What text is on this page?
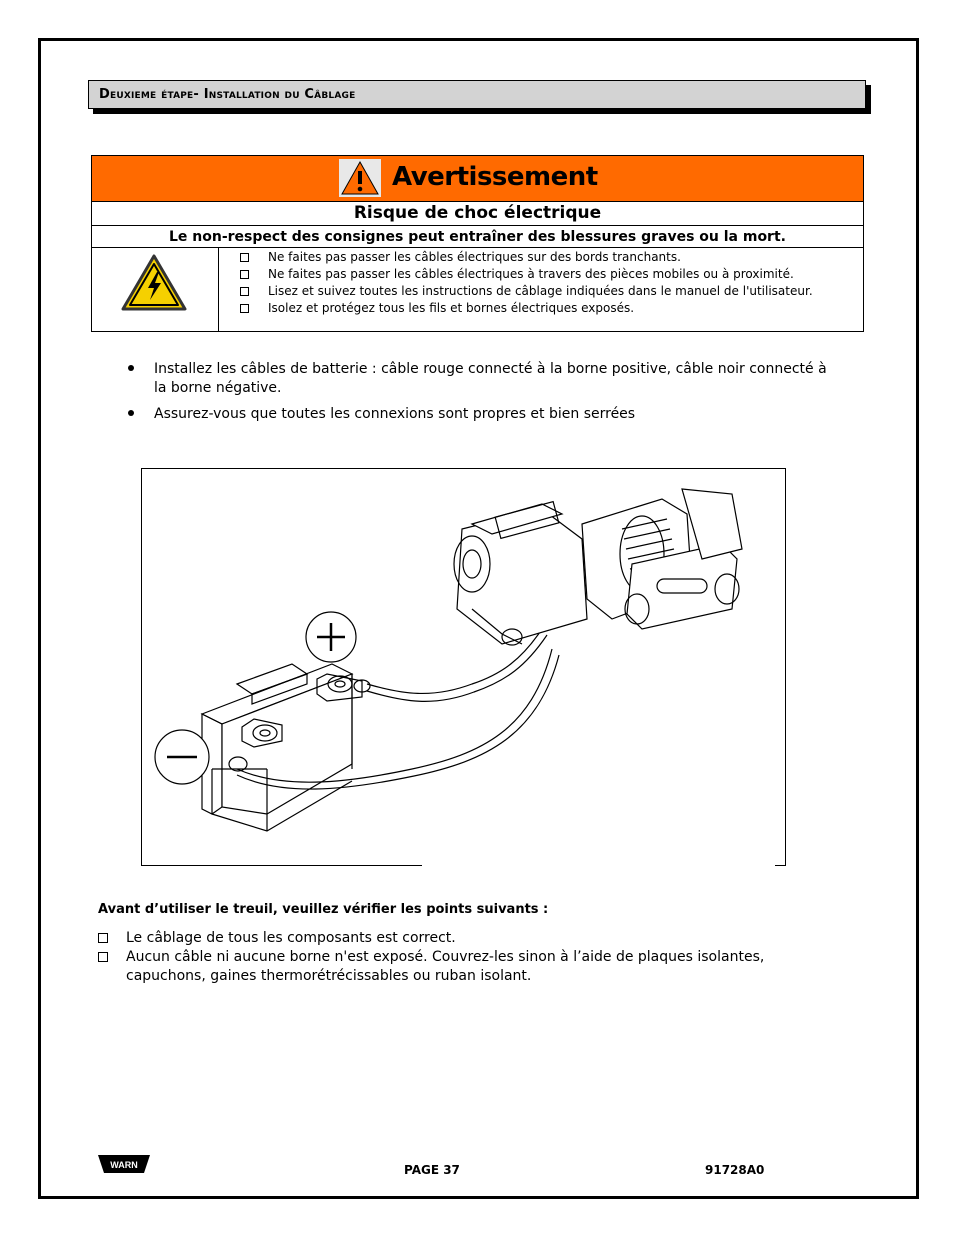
Deuxieme étape- Installation du Câblage
Avertissement
Risque de choc électrique
Le non-respect des consignes peut entraîner des blessures graves ou la mort.
Ne faites pas passer les câbles électriques sur des bords tranchants.
Ne faites pas passer les câbles électriques à travers des pièces mobiles ou à proximité.
Lisez et suivez toutes les instructions de câblage indiquées dans le manuel de l'utilisateur.
Isolez et protégez tous les fils et bornes électriques exposés.
Installez les câbles de batterie : câble rouge connecté à la borne positive, câble noir connecté à la borne négative.
Assurez-vous que toutes les connexions sont propres et bien serrées
Avant d’utiliser le treuil, veuillez vérifier les points suivants :
Le câblage de tous les composants est correct.
Aucun câble ni aucune borne n'est exposé. Couvrez-les sinon à l’aide de plaques isolantes, capuchons, gaines thermorétrécissables ou ruban isolant.
WARN	PAGE 37	91728A0
